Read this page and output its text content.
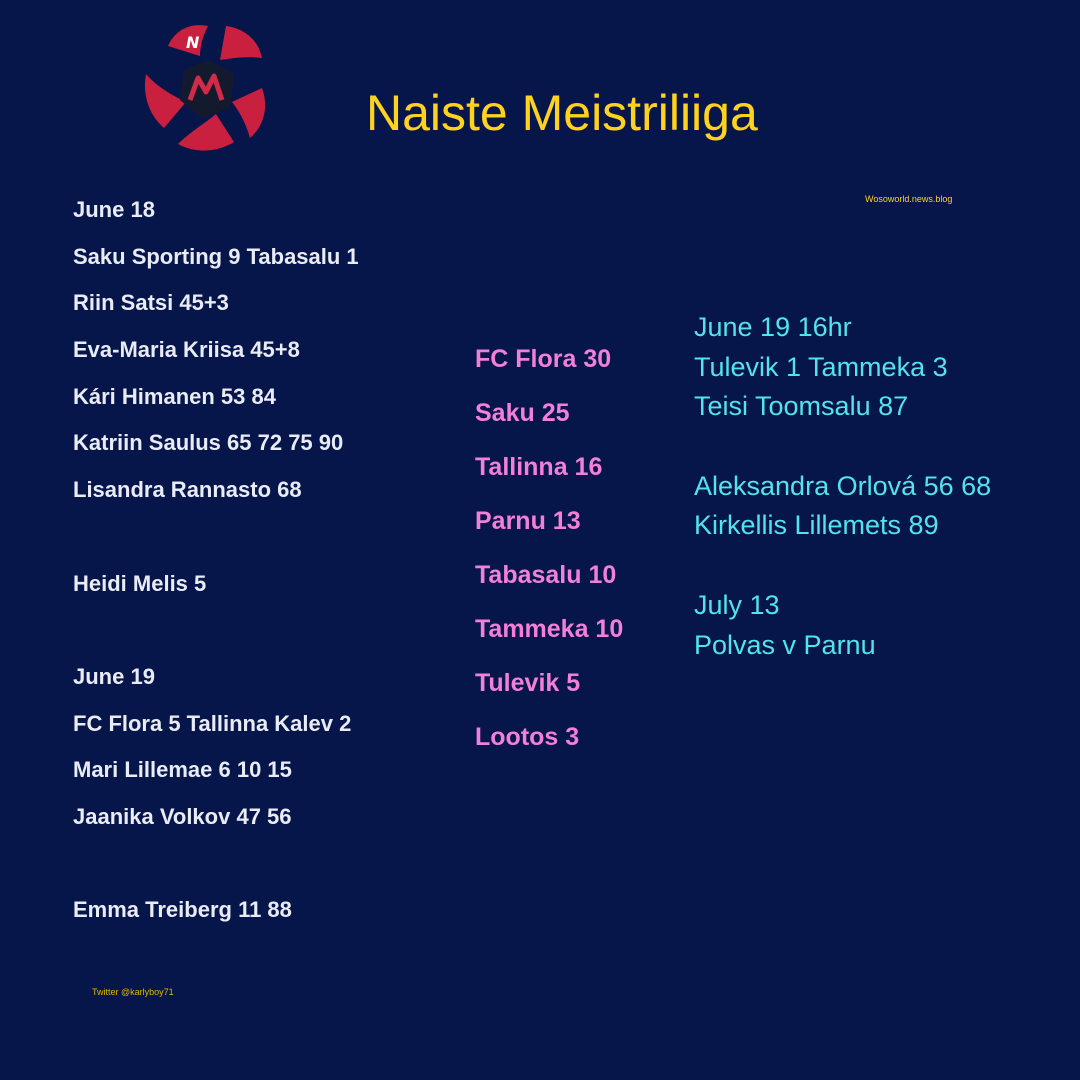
N
Naiste Meistriliiga
Wosoworld.news.blog
June 18
Saku Sporting 9 Tabasalu 1
Riin Satsi 45+3
Eva-Maria Kriisa 45+8
Kári Himanen 53 84
Katriin Saulus 65 72 75 90
Lisandra Rannasto 68
Heidi Melis 5
June 19
FC Flora 5 Tallinna Kalev 2
Mari Lillemae 6 10 15
Jaanika Volkov 47 56
Emma Treiberg 11 88
FC Flora 30
Saku 25
Tallinna 16
Parnu 13
Tabasalu 10
Tammeka 10
Tulevik 5
Lootos 3
June 19 16hr
Tulevik 1 Tammeka 3
Teisi Toomsalu 87
Aleksandra Orlová 56 68
Kirkellis Lillemets 89
July 13
Polvas v Parnu
Twitter @karlyboy71
